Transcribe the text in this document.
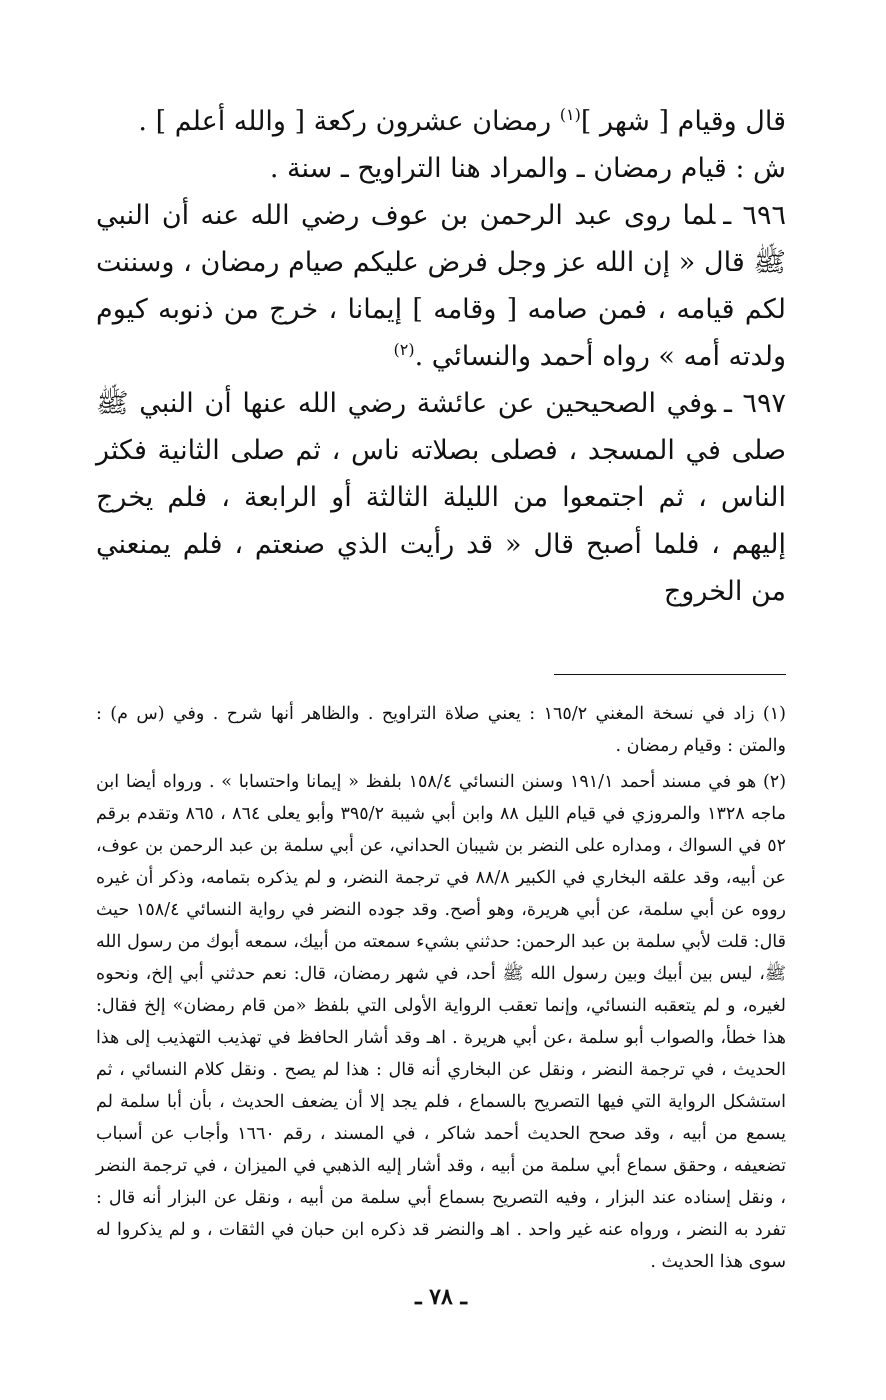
قال وقيام [ شهر ]$^{(١)}$ رمضان عشرون ركعة [ والله أعلم ] .

ش : قيام رمضان ـ والمراد هنا التراويح ـ سنة .

٦٩٦ ـلما روى عبد الرحمن بن عوف رضي الله عنه أن النبي ﷺ قال « إن الله عز وجل فرض عليكم صيام رمضان ، وسننت لكم قيامه ، فمن صامه [ وقامه ] إيمانا ، خرج من ذنوبه كيوم ولدته أمه » رواه أحمد والنسائي .$^{(٢)}$

٦٩٧ ـوفي الصحيحين عن عائشة رضي الله عنها أن النبي ﷺ صلى في المسجد ، فصلى بصلاته ناس ، ثم صلى الثانية فكثر الناس ، ثم اجتمعوا من الليلة الثالثة أو الرابعة ، فلم يخرج إليهم ، فلما أصبح قال « قد رأيت الذي صنعتم ، فلم يمنعني من الخروج

(١) زاد في نسخة المغني ١٦٥/٢ : يعني صلاة التراويح . والظاهر أنها شرح . وفي (س م) : والمتن : وقيام رمضان .

(٢) هو في مسند أحمد ١٩١/١ وسنن النسائي ١٥٨/٤ بلفظ « إيمانا واحتسابا » . ورواه أيضا ابن ماجه ١٣٢٨ والمروزي في قيام الليل ٨٨ وابن أبي شيبة ٣٩٥/٢ وأبو يعلى ٨٦٤ ، ٨٦٥ وتقدم برقم ٥٢ في السواك ، ومداره على النضر بن شيبان الحداني، عن أبي سلمة بن عبد الرحمن بن عوف، عن أبيه، وقد علقه البخاري في الكبير ٨٨/٨ في ترجمة النضر، و لم يذكره بتمامه، وذكر أن غيره رووه عن أبي سلمة، عن أبي هريرة، وهو أصح. وقد جوده النضر في رواية النسائي ١٥٨/٤ حيث قال: قلت لأبي سلمة بن عبد الرحمن: حدثني بشيء سمعته من أبيك، سمعه أبوك من رسول الله ﷺ، ليس بين أبيك وبين رسول الله ﷺ أحد، في شهر رمضان، قال: نعم حدثني أبي إلخ، ونحوه لغيره، و لم يتعقبه النسائي، وإنما تعقب الرواية الأولى التي بلفظ «من قام رمضان» إلخ فقال: هذا خطأ، والصواب أبو سلمة ،عن أبي هريرة . اهـ وقد أشار الحافظ في تهذيب التهذيب إلى هذا الحديث ، في ترجمة النضر ، ونقل عن البخاري أنه قال : هذا لم يصح . ونقل كلام النسائي ، ثم استشكل الرواية التي فيها التصريح بالسماع ، فلم يجد إلا أن يضعف الحديث ، بأن أبا سلمة لم يسمع من أبيه ، وقد صحح الحديث أحمد شاكر ، في المسند ، رقم ١٦٦٠ وأجاب عن أسباب تضعيفه ، وحقق سماع أبي سلمة من أبيه ، وقد أشار إليه الذهبي في الميزان ، في ترجمة النضر ، ونقل إسناده عند البزار ، وفيه التصريح بسماع أبي سلمة من أبيه ، ونقل عن البزار أنه قال : تفرد به النضر ، ورواه عنه غير واحد . اهـ والنضر قد ذكره ابن حبان في الثقات ، و لم يذكروا له سوى هذا الحديث .

ـ ٧٨ ـ
